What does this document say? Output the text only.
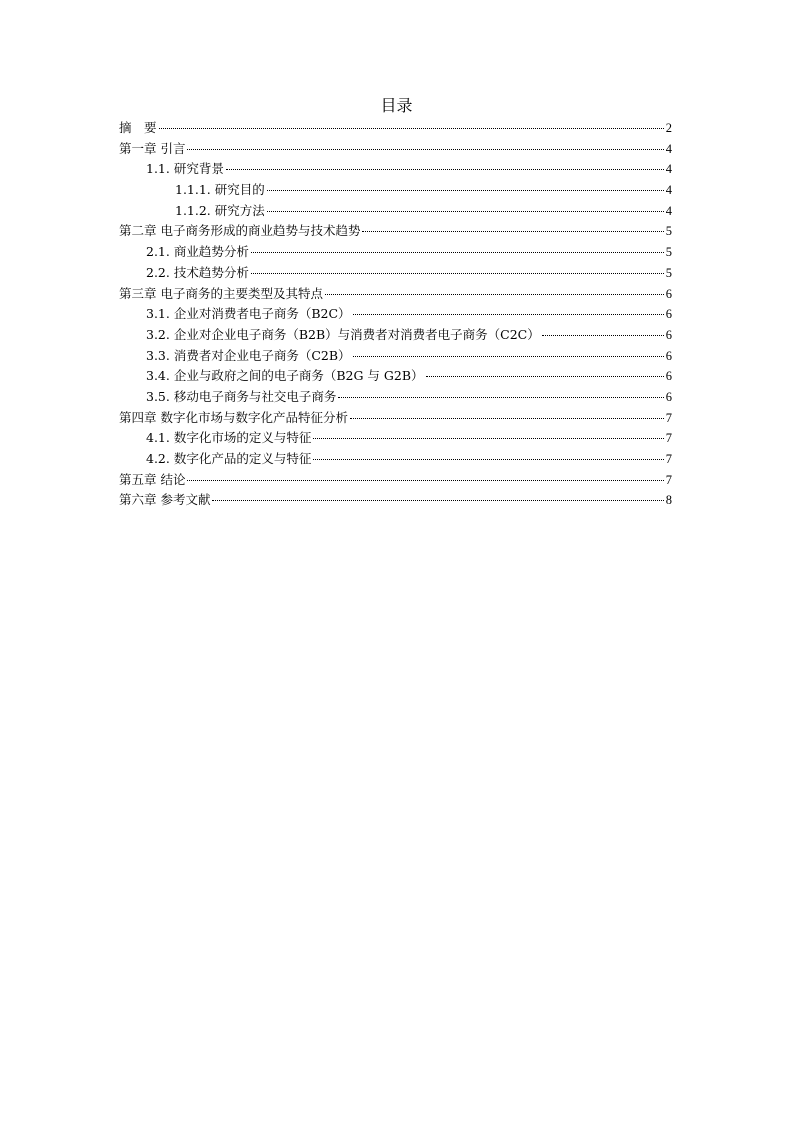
目录
摘　要	2
第一章 引言	4
1.1. 研究背景	4
1.1.1. 研究目的	4
1.1.2. 研究方法	4
第二章 电子商务形成的商业趋势与技术趋势	5
2.1. 商业趋势分析	5
2.2. 技术趋势分析	5
第三章 电子商务的主要类型及其特点	6
3.1. 企业对消费者电子商务（B2C）	6
3.2. 企业对企业电子商务（B2B）与消费者对消费者电子商务（C2C）	6
3.3. 消费者对企业电子商务（C2B）	6
3.4. 企业与政府之间的电子商务（B2G 与 G2B）	6
3.5. 移动电子商务与社交电子商务	6
第四章 数字化市场与数字化产品特征分析	7
4.1. 数字化市场的定义与特征	7
4.2. 数字化产品的定义与特征	7
第五章 结论	7
第六章 参考文献	8
